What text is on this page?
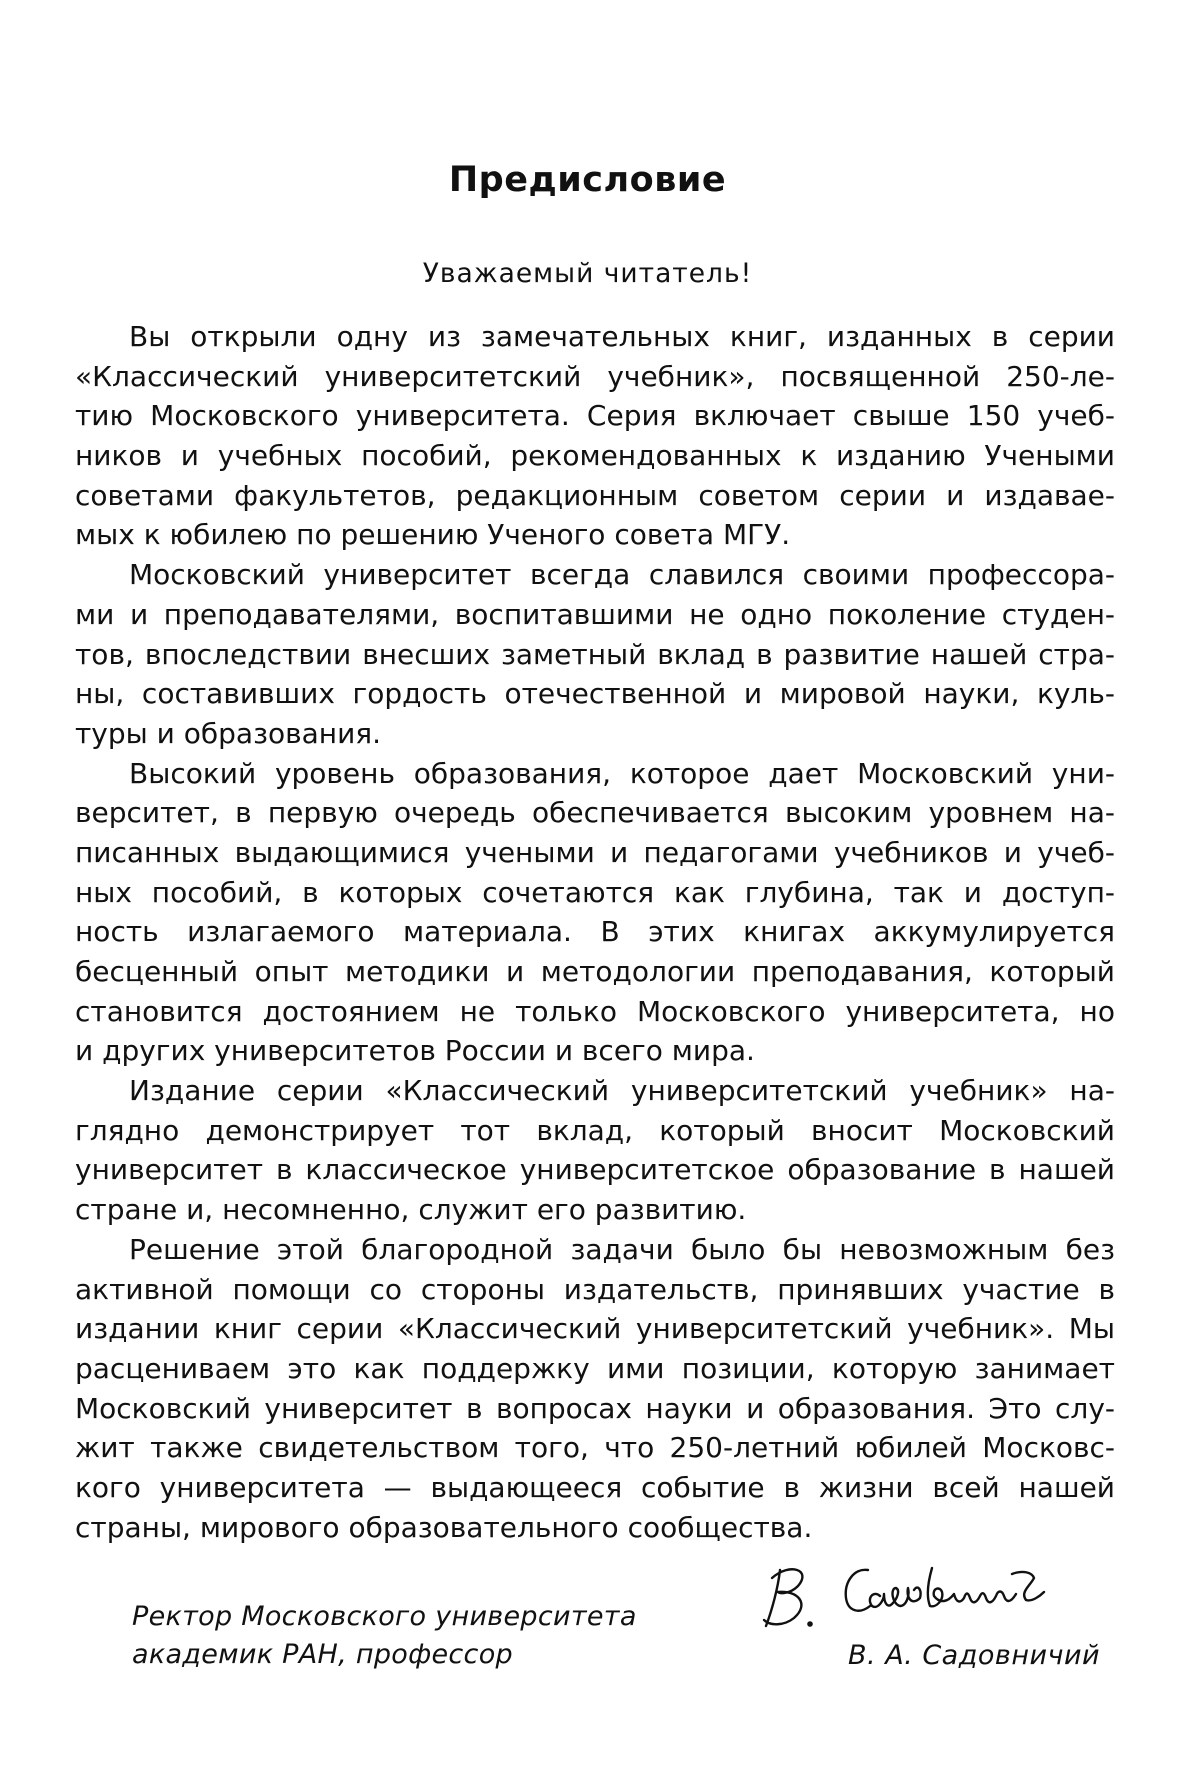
Предисловие
Уважаемый читатель!
Вы открыли одну из замечательных книг, изданных в серии
«Классический университетский учебник», посвященной 250-ле-
тию Московского университета. Серия включает свыше 150 учеб-
ников и учебных пособий, рекомендованных к изданию Учеными
советами факультетов, редакционным советом серии и издавае-
мых к юбилею по решению Ученого совета МГУ.
Московский университет всегда славился своими профессора-
ми и преподавателями, воспитавшими не одно поколение студен-
тов, впоследствии внесших заметный вклад в развитие нашей стра-
ны, составивших гордость отечественной и мировой науки, куль-
туры и образования.
Высокий уровень образования, которое дает Московский уни-
верситет, в первую очередь обеспечивается высоким уровнем на-
писанных выдающимися учеными и педагогами учебников и учеб-
ных пособий, в которых сочетаются как глубина, так и доступ-
ность излагаемого материала. В этих книгах аккумулируется
бесценный опыт методики и методологии преподавания, который
становится достоянием не только Московского университета, но
и других университетов России и всего мира.
Издание серии «Классический университетский учебник» на-
глядно демонстрирует тот вклад, который вносит Московский
университет в классическое университетское образование в нашей
стране и, несомненно, служит его развитию.
Решение этой благородной задачи было бы невозможным без
активной помощи со стороны издательств, принявших участие в
издании книг серии «Классический университетский учебник». Мы
расцениваем это как поддержку ими позиции, которую занимает
Московский университет в вопросах науки и образования. Это слу-
жит также свидетельством того, что 250-летний юбилей Московс-
кого университета — выдающееся событие в жизни всей нашей
страны, мирового образовательного сообщества.
Ректор Московского университета
академик РАН, профессор	В. А. Садовничий
